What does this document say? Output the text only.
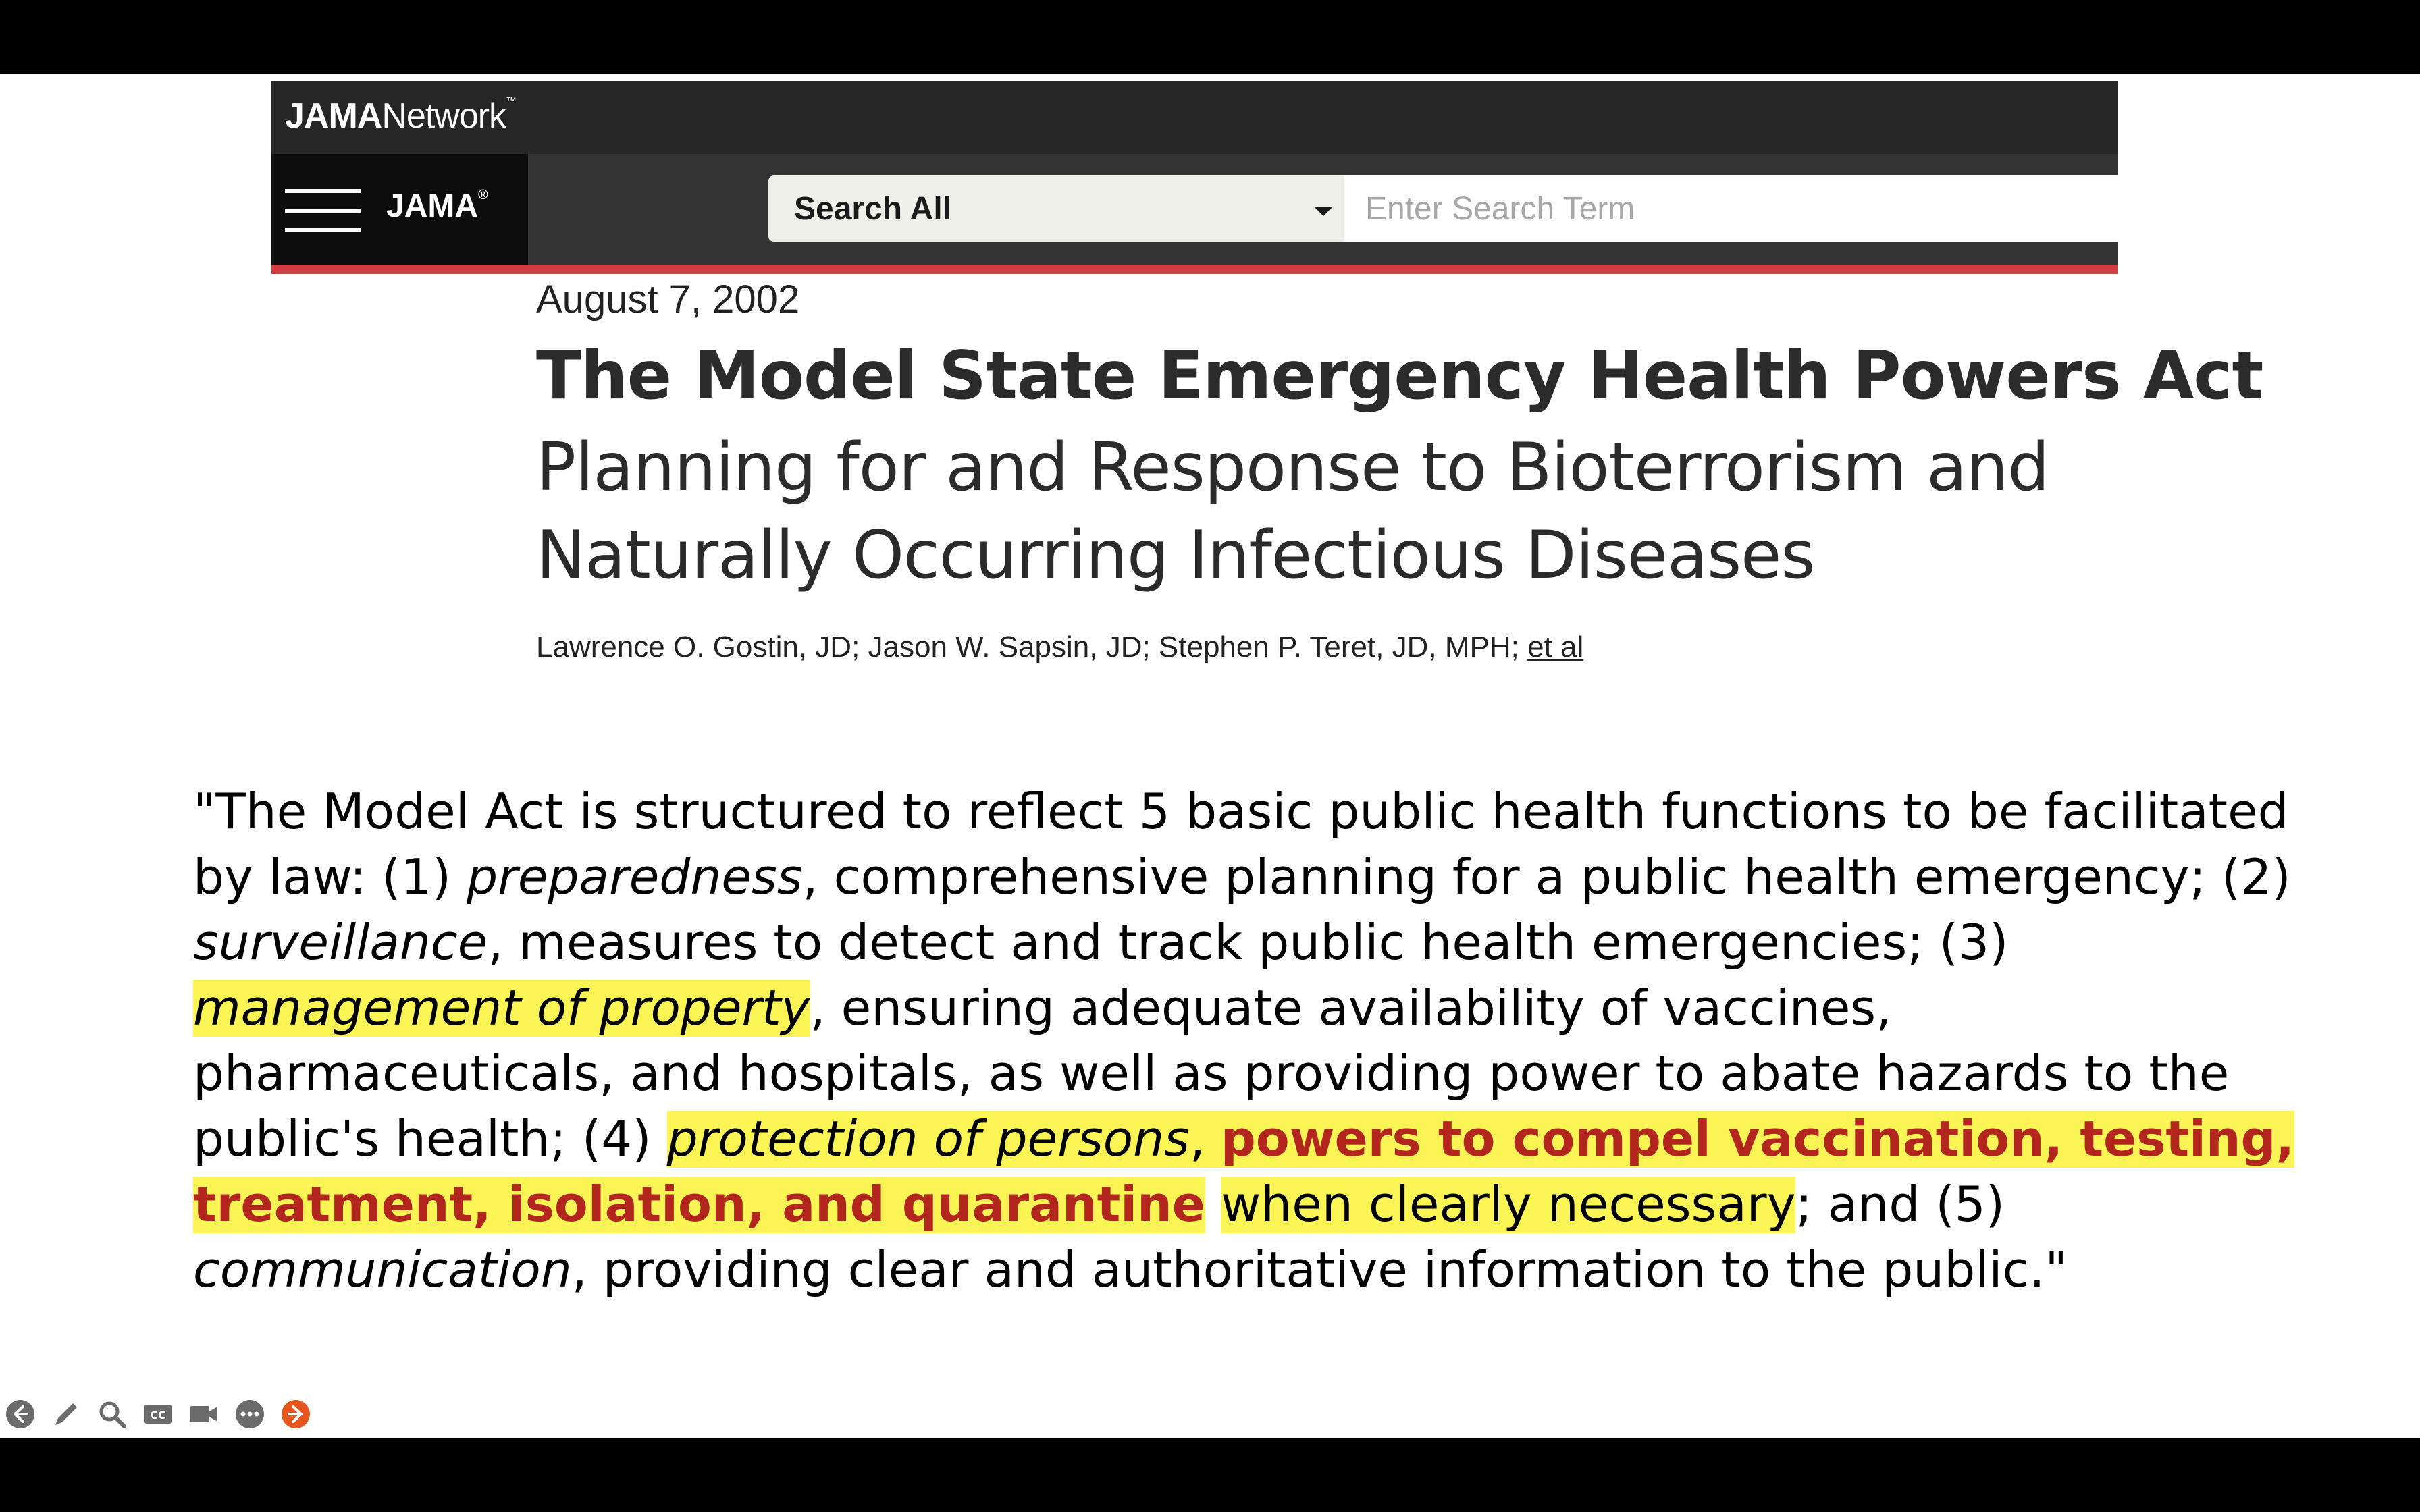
JAMANetwork™
JAMA®	Search All
Enter Search Term
August 7, 2002
The Model State Emergency Health Powers Act
Planning for and Response to Bioterrorism and
Naturally Occurring Infectious Diseases
Lawrence O. Gostin, JD; Jason W. Sapsin, JD; Stephen P. Teret, JD, MPH; et al
"The Model Act is structured to reflect 5 basic public health functions to be facilitated by law: (1) preparedness, comprehensive planning for a public health emergency; (2) surveillance, measures to detect and track public health emergencies; (3) management of property, ensuring adequate availability of vaccines, pharmaceuticals, and hospitals, as well as providing power to abate hazards to the public's health; (4) protection of persons, powers to compel vaccination, testing, treatment, isolation, and quarantine when clearly necessary; and (5) communication, providing clear and authoritative information to the public."
CC
